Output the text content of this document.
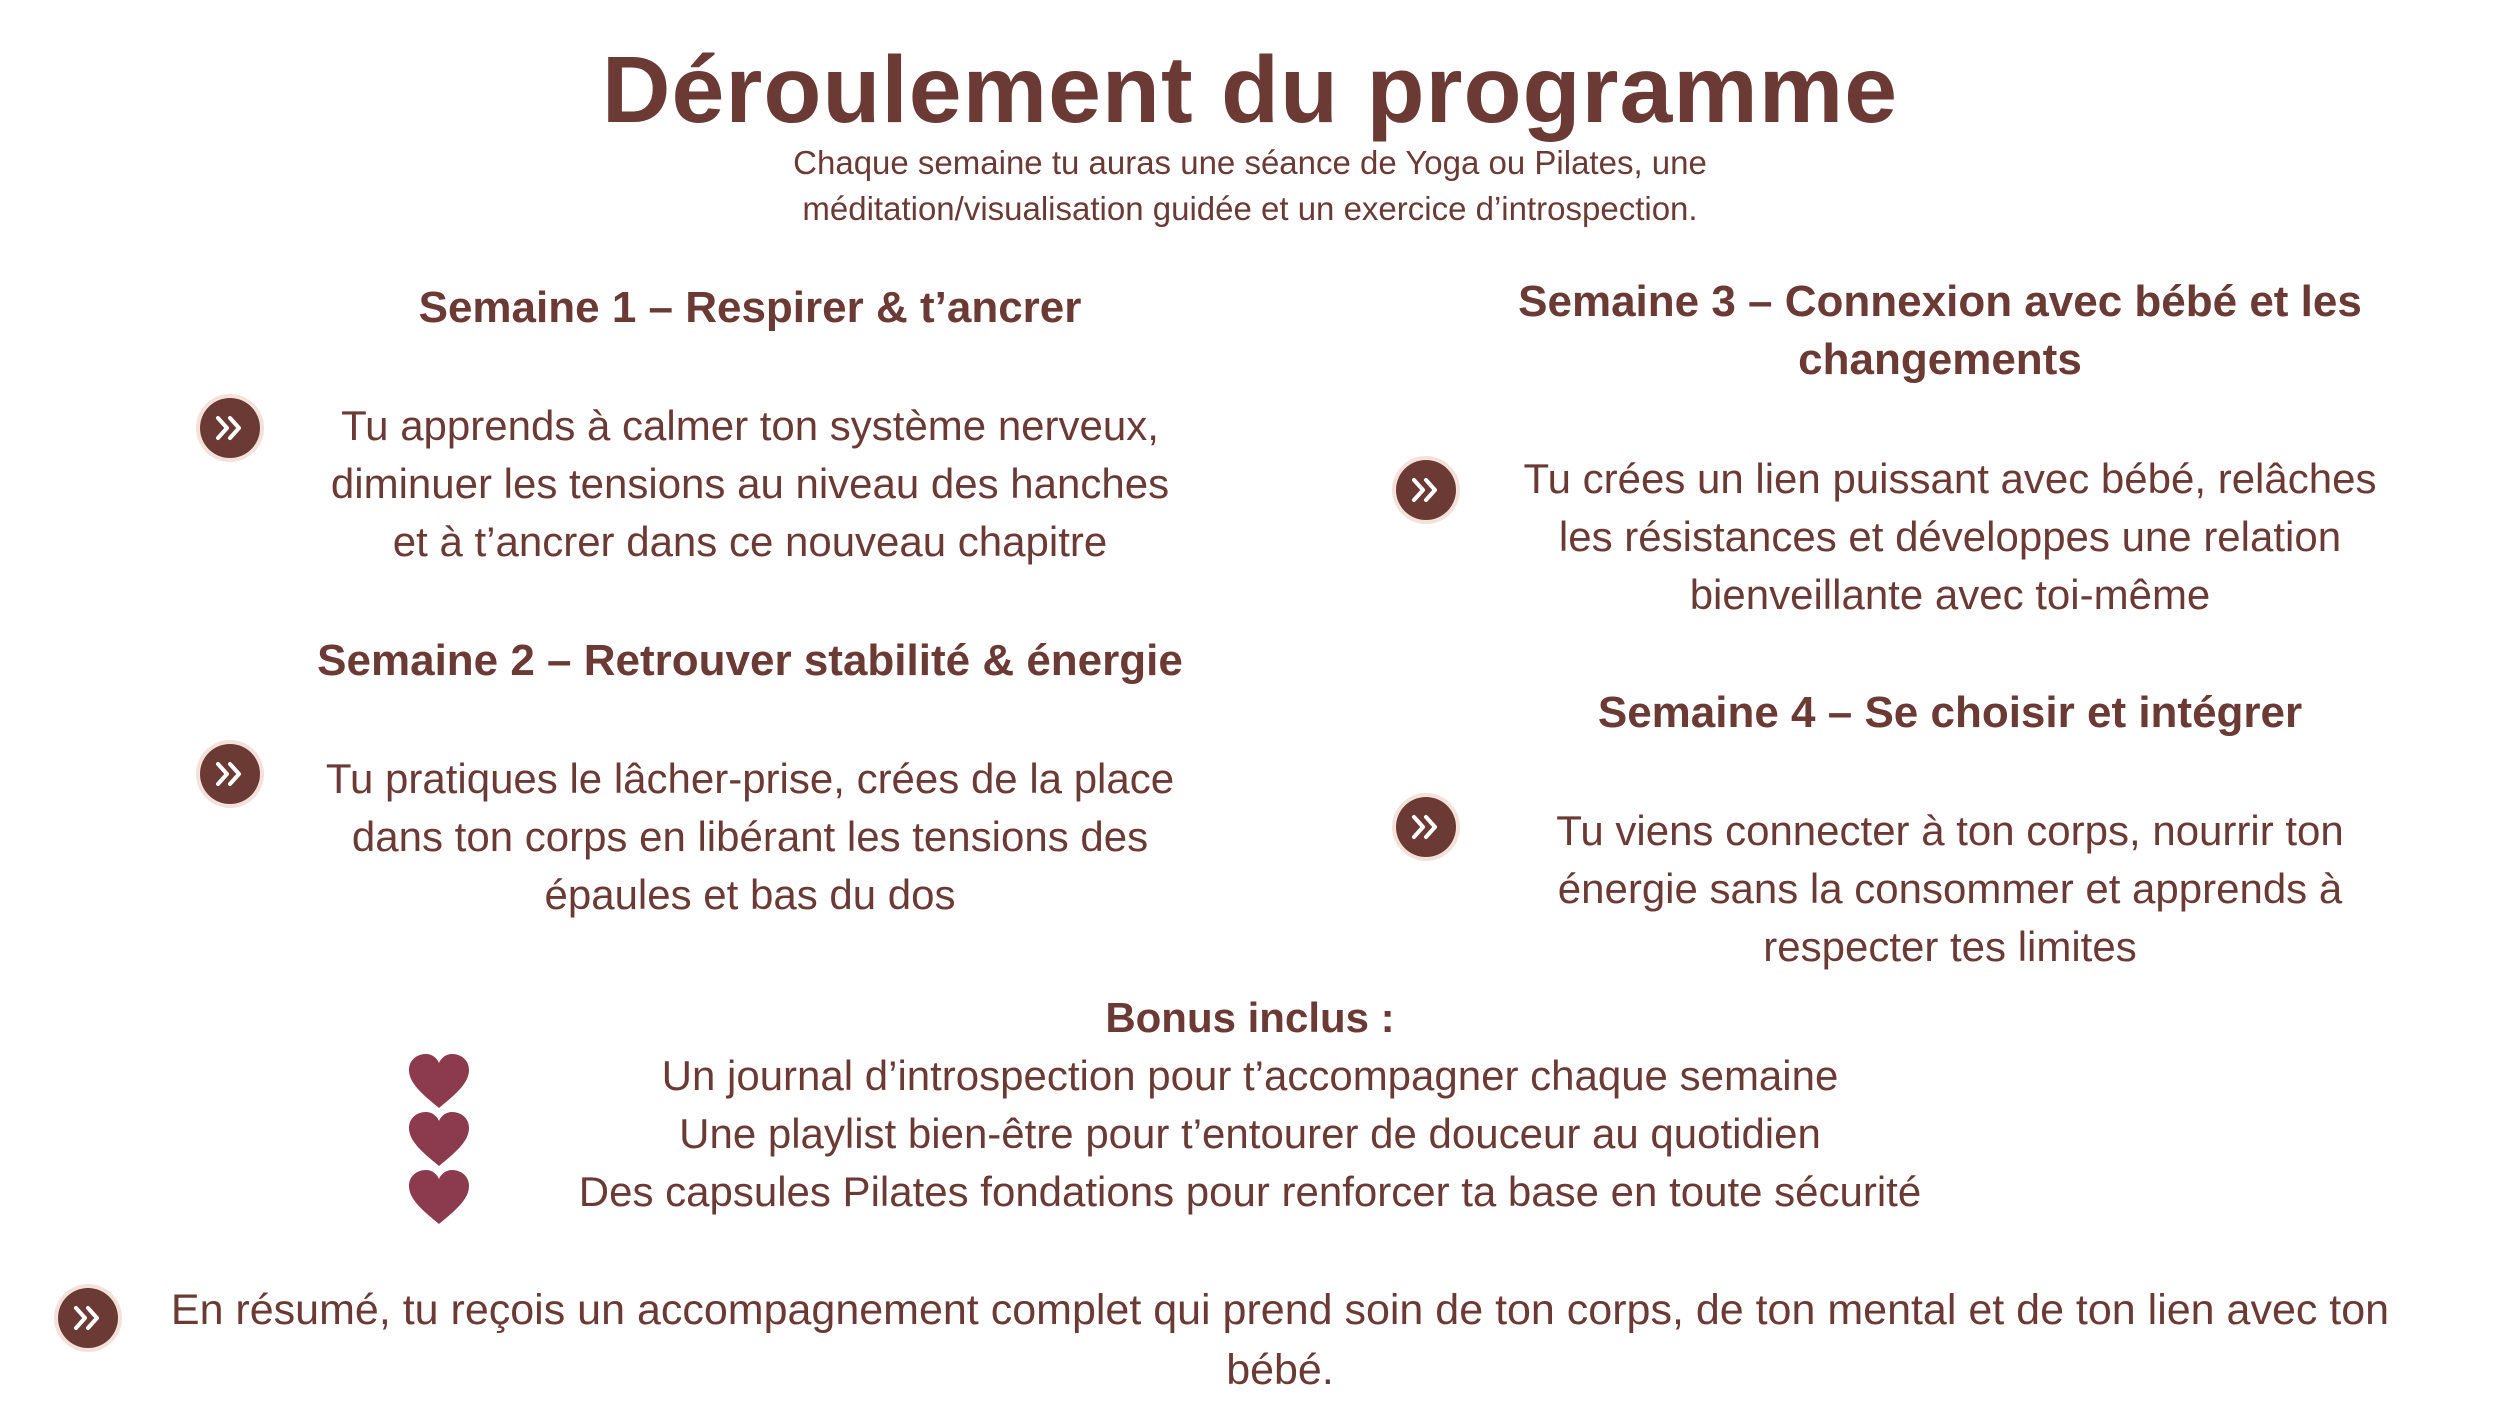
Déroulement du programme
Chaque semaine tu auras une séance de Yoga ou Pilates, une
méditation/visualisation guidée et un exercice d’introspection.
Semaine 1 – Respirer & t’ancrer
Tu apprends à calmer ton système nerveux,
diminuer les tensions au niveau des hanches
et à t’ancrer dans ce nouveau chapitre
Semaine 2 – Retrouver stabilité & énergie
Tu pratiques le lâcher-prise, crées de la place
dans ton corps en libérant les tensions des
épaules et bas du dos
Semaine 3 – Connexion avec bébé et les
changements
Tu crées un lien puissant avec bébé, relâches
les résistances et développes une relation
bienveillante avec toi-même
Semaine 4 – Se choisir et intégrer
Tu viens connecter à ton corps, nourrir ton
énergie sans la consommer et apprends à
respecter tes limites
Bonus inclus :
Un journal d’introspection pour t’accompagner chaque semaine
Une playlist bien-être pour t’entourer de douceur au quotidien
Des capsules Pilates fondations pour renforcer ta base en toute sécurité
En résumé, tu reçois un accompagnement complet qui prend soin de ton corps, de ton mental et de ton lien avec ton
bébé.
